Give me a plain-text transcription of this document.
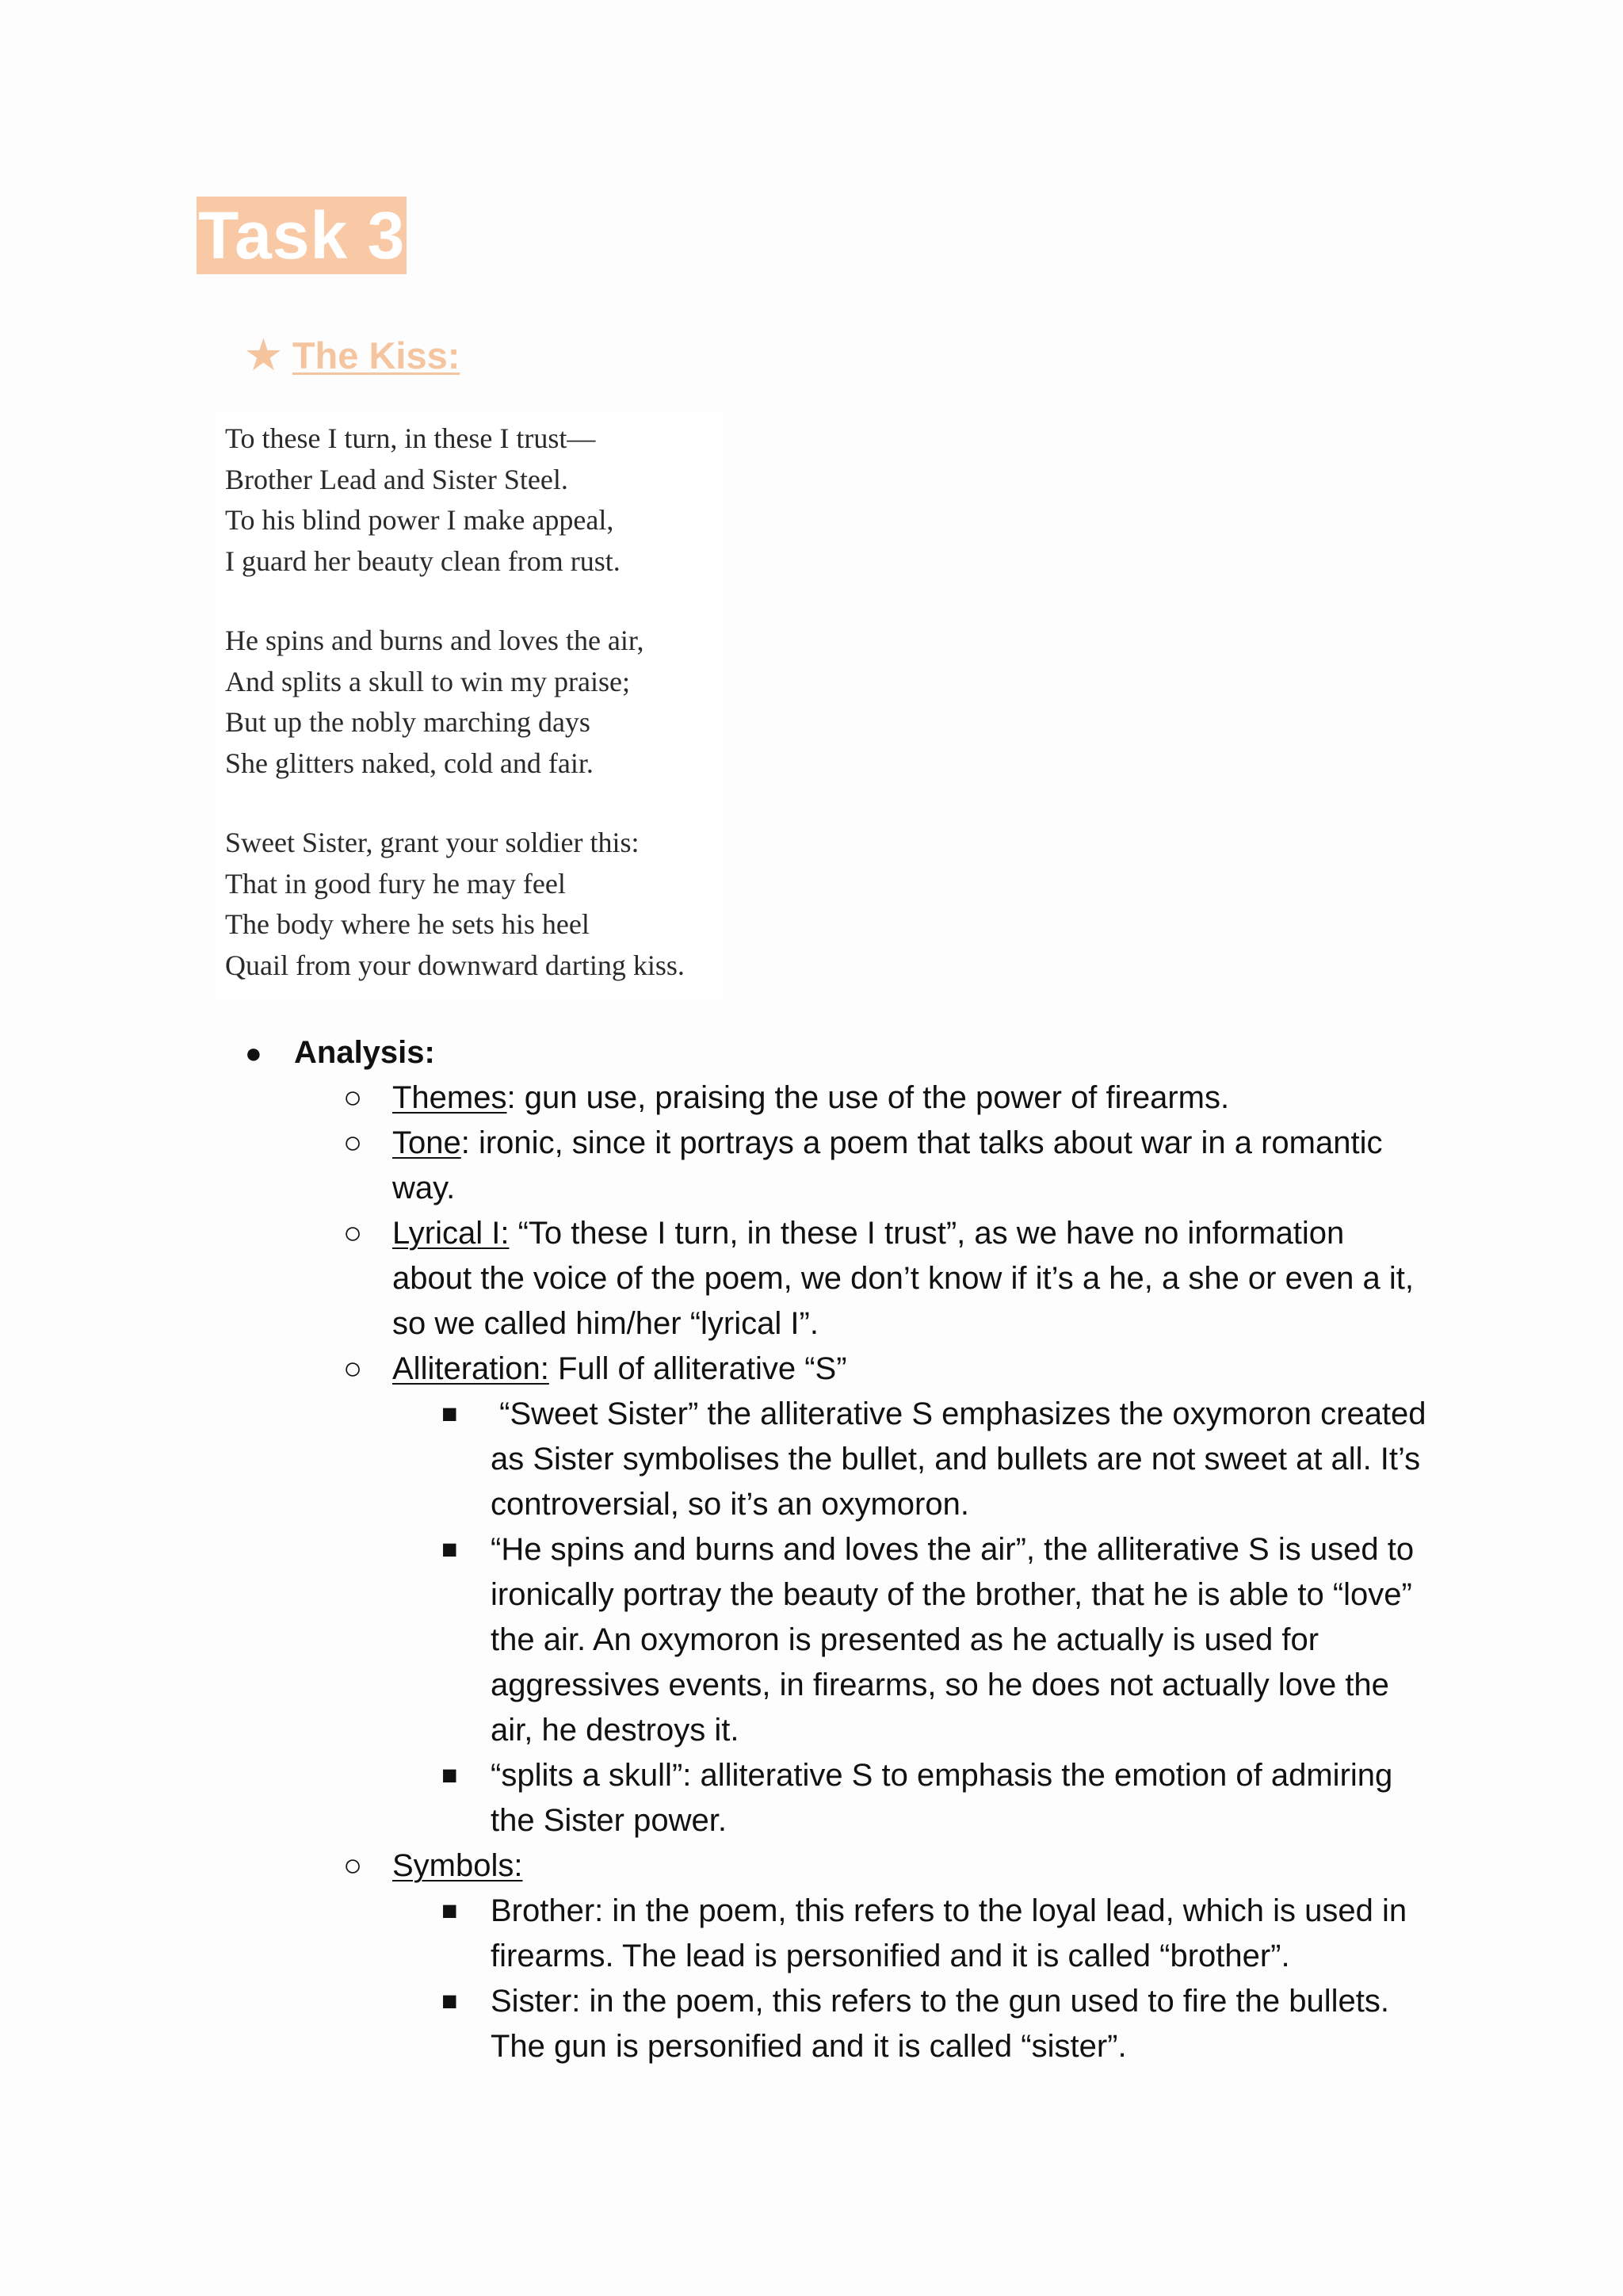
Task 3
★ The Kiss:
To these I turn, in these I trust—
Brother Lead and Sister Steel.
To his blind power I make appeal,
I guard her beauty clean from rust.
He spins and burns and loves the air,
And splits a skull to win my praise;
But up the nobly marching days
She glitters naked, cold and fair.
Sweet Sister, grant your soldier this:
That in good fury he may feel
The body where he sets his heel
Quail from your downward darting kiss.
● Analysis:
○ Themes: gun use, praising the use of the power of firearms.
○ Tone: ironic, since it portrays a poem that talks about war in a romantic way.
○ Lyrical I: “To these I turn, in these I trust”, as we have no information about the voice of the poem, we don’t know if it’s a he, a she or even a it, so we called him/her “lyrical I”.
○ Alliteration: Full of alliterative “S”
■ “Sweet Sister” the alliterative S emphasizes the oxymoron created as Sister symbolises the bullet, and bullets are not sweet at all. It’s controversial, so it’s an oxymoron.
■ “He spins and burns and loves the air”, the alliterative S is used to ironically portray the beauty of the brother, that he is able to “love” the air. An oxymoron is presented as he actually is used for aggressives events, in firearms, so he does not actually love the air, he destroys it.
■ “splits a skull”: alliterative S to emphasis the emotion of admiring the Sister power.
○ Symbols:
■ Brother: in the poem, this refers to the loyal lead, which is used in firearms. The lead is personified and it is called “brother”.
■ Sister: in the poem, this refers to the gun used to fire the bullets. The gun is personified and it is called “sister”.
